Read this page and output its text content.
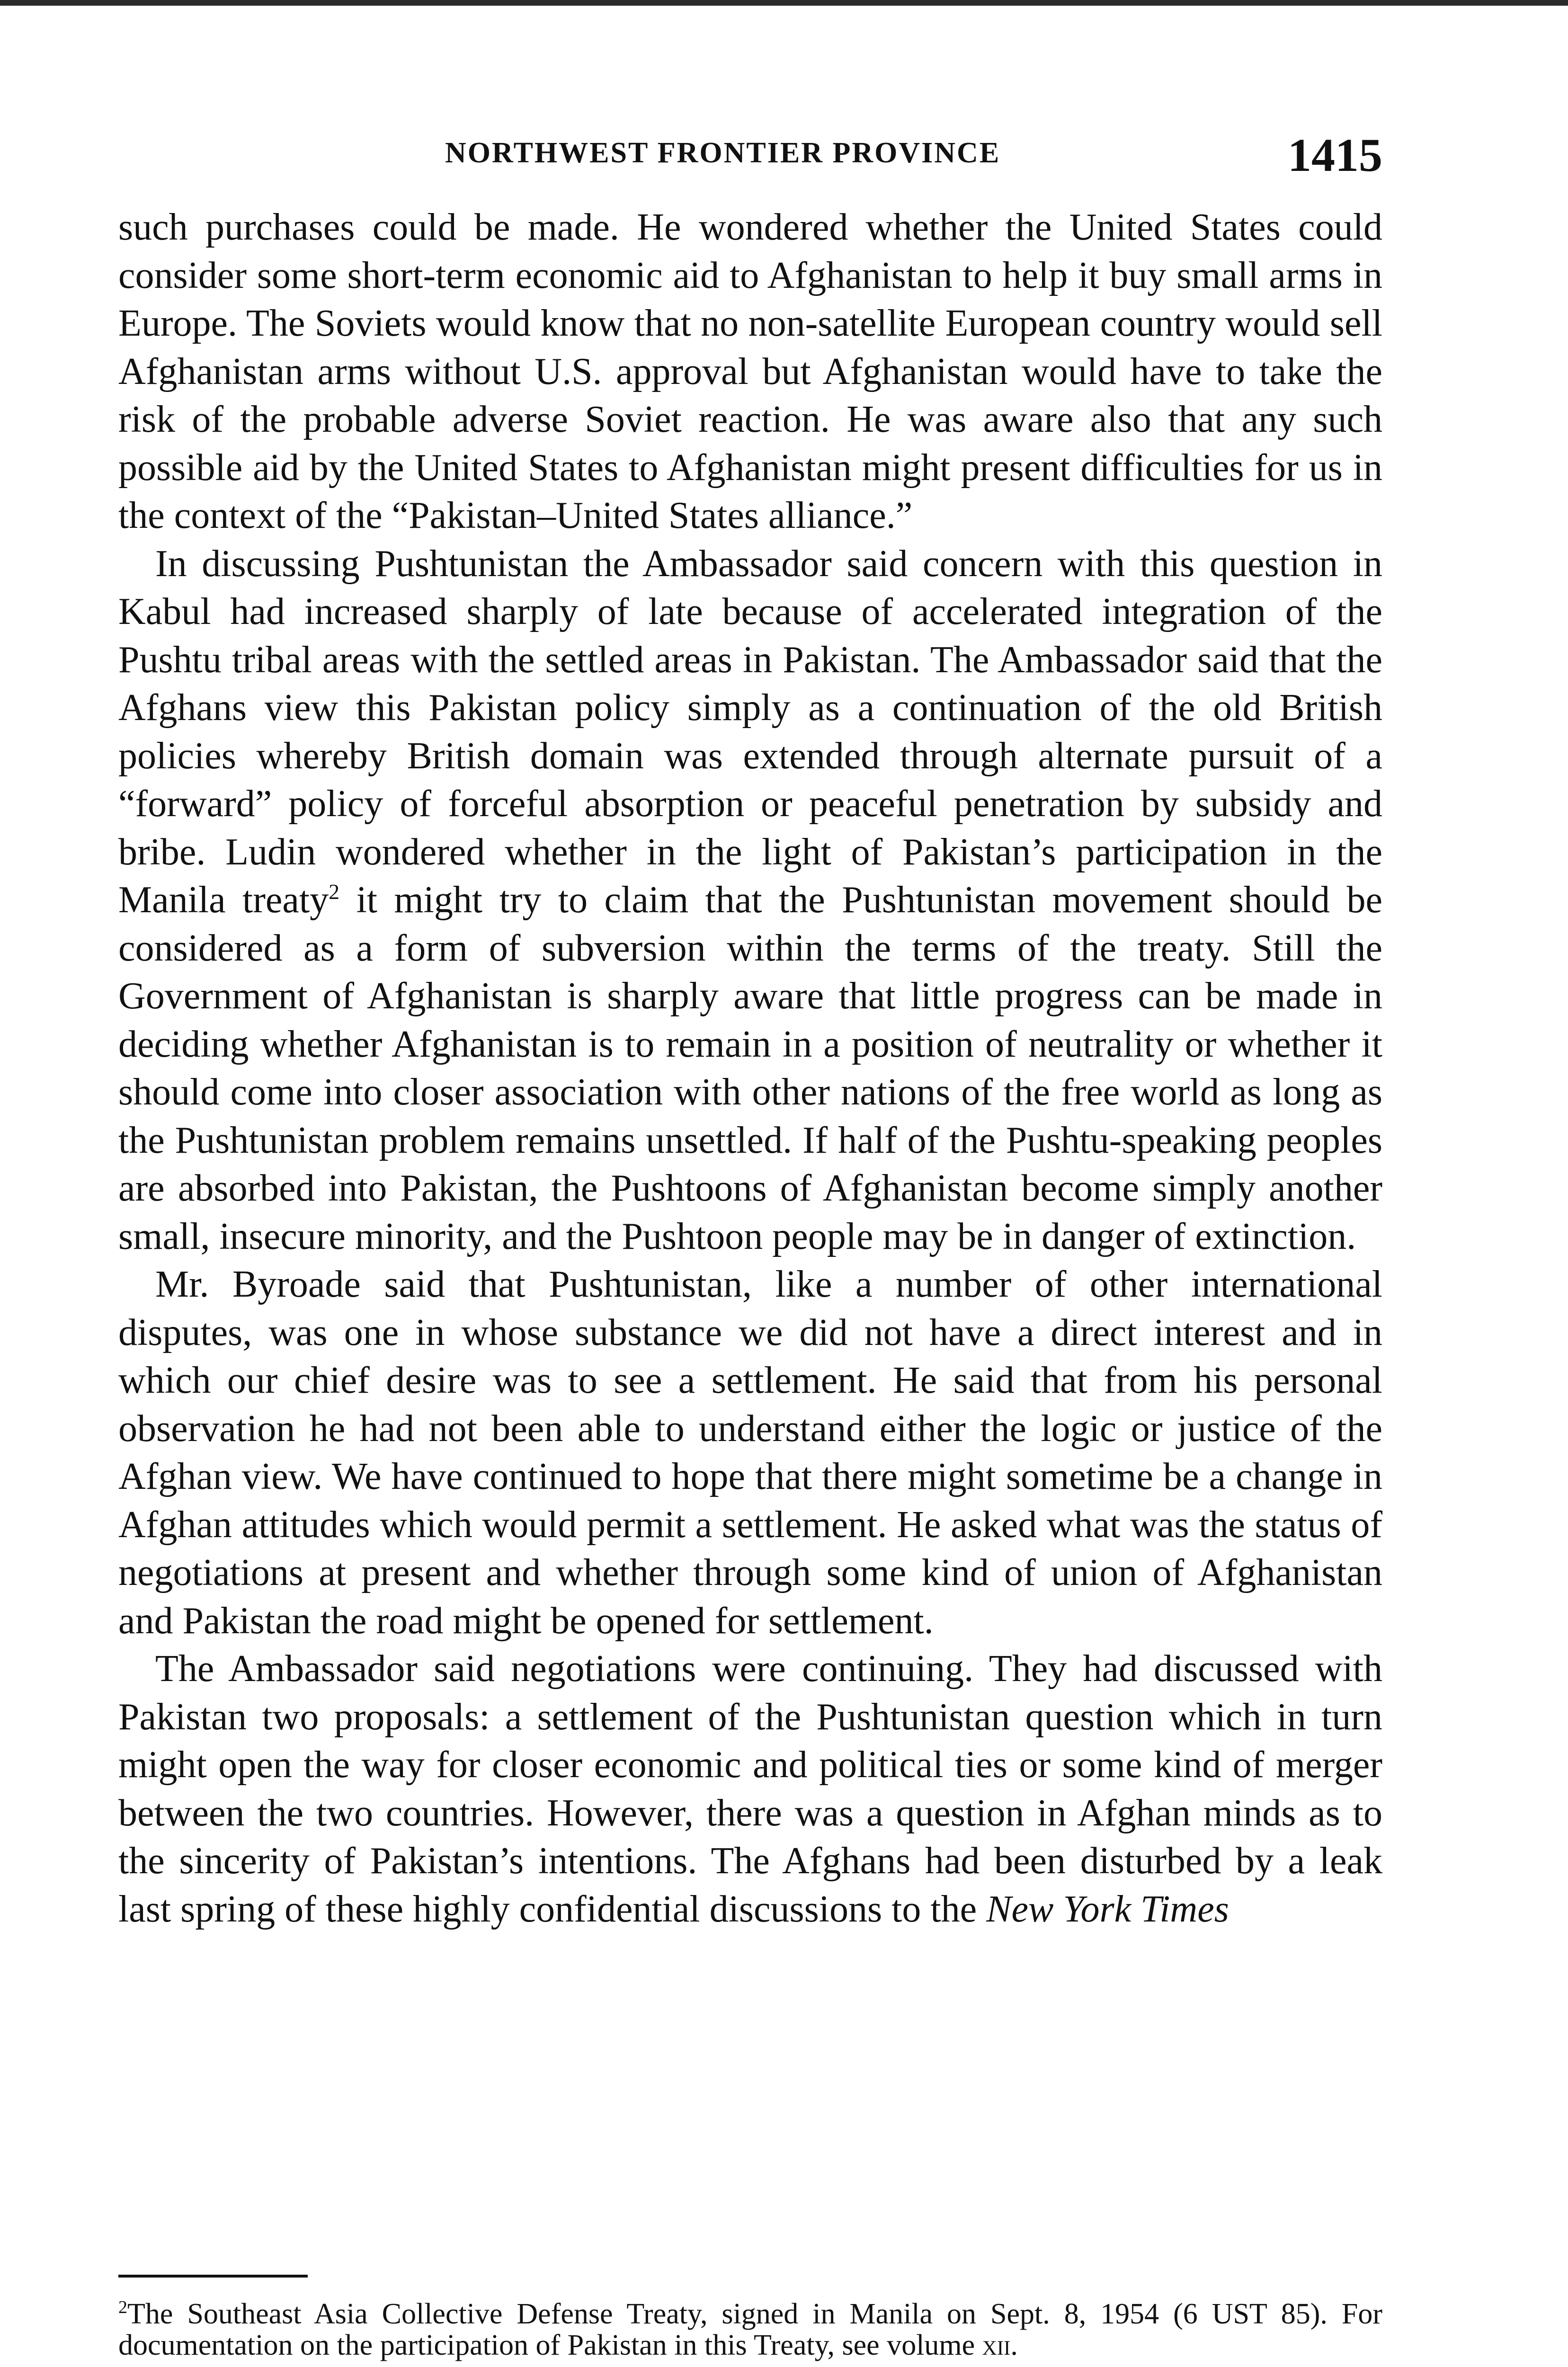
NORTHWEST FRONTIER PROVINCE	1415

such purchases could be made. He wondered whether the United States could consider some short-term economic aid to Afghanistan to help it buy small arms in Europe. The Soviets would know that no non-satellite European country would sell Afghanistan arms without U.S. approval but Afghanistan would have to take the risk of the probable adverse Soviet reaction. He was aware also that any such possible aid by the United States to Afghanistan might present difficulties for us in the context of the “Pakistan–United States alliance.”

In discussing Pushtunistan the Ambassador said concern with this question in Kabul had increased sharply of late because of accelerated integration of the Pushtu tribal areas with the settled areas in Pakistan. The Ambassador said that the Afghans view this Pakistan policy simply as a continuation of the old British policies whereby British domain was extended through alternate pursuit of a “forward” policy of forceful absorption or peaceful penetration by subsidy and bribe. Ludin wondered whether in the light of Pakistan’s participation in the Manila treaty$^2$ it might try to claim that the Pushtunistan movement should be considered as a form of subversion within the terms of the treaty. Still the Government of Afghanistan is sharply aware that little progress can be made in deciding whether Afghanistan is to remain in a position of neutrality or whether it should come into closer association with other nations of the free world as long as the Pushtunistan problem remains unsettled. If half of the Pushtu-speaking peoples are absorbed into Pakistan, the Pushtoons of Afghanistan become simply another small, insecure minority, and the Pushtoon people may be in danger of extinction.

Mr. Byroade said that Pushtunistan, like a number of other international disputes, was one in whose substance we did not have a direct interest and in which our chief desire was to see a settlement. He said that from his personal observation he had not been able to understand either the logic or justice of the Afghan view. We have continued to hope that there might sometime be a change in Afghan attitudes which would permit a settlement. He asked what was the status of negotiations at present and whether through some kind of union of Afghanistan and Pakistan the road might be opened for settlement.

The Ambassador said negotiations were continuing. They had discussed with Pakistan two proposals: a settlement of the Pushtunistan question which in turn might open the way for closer economic and political ties or some kind of merger between the two countries. However, there was a question in Afghan minds as to the sincerity of Pakistan’s intentions. The Afghans had been disturbed by a leak last spring of these highly confidential discussions to the New York Times

$^2$The Southeast Asia Collective Defense Treaty, signed in Manila on Sept. 8, 1954 (6 UST 85). For documentation on the participation of Pakistan in this Treaty, see volume xii.
